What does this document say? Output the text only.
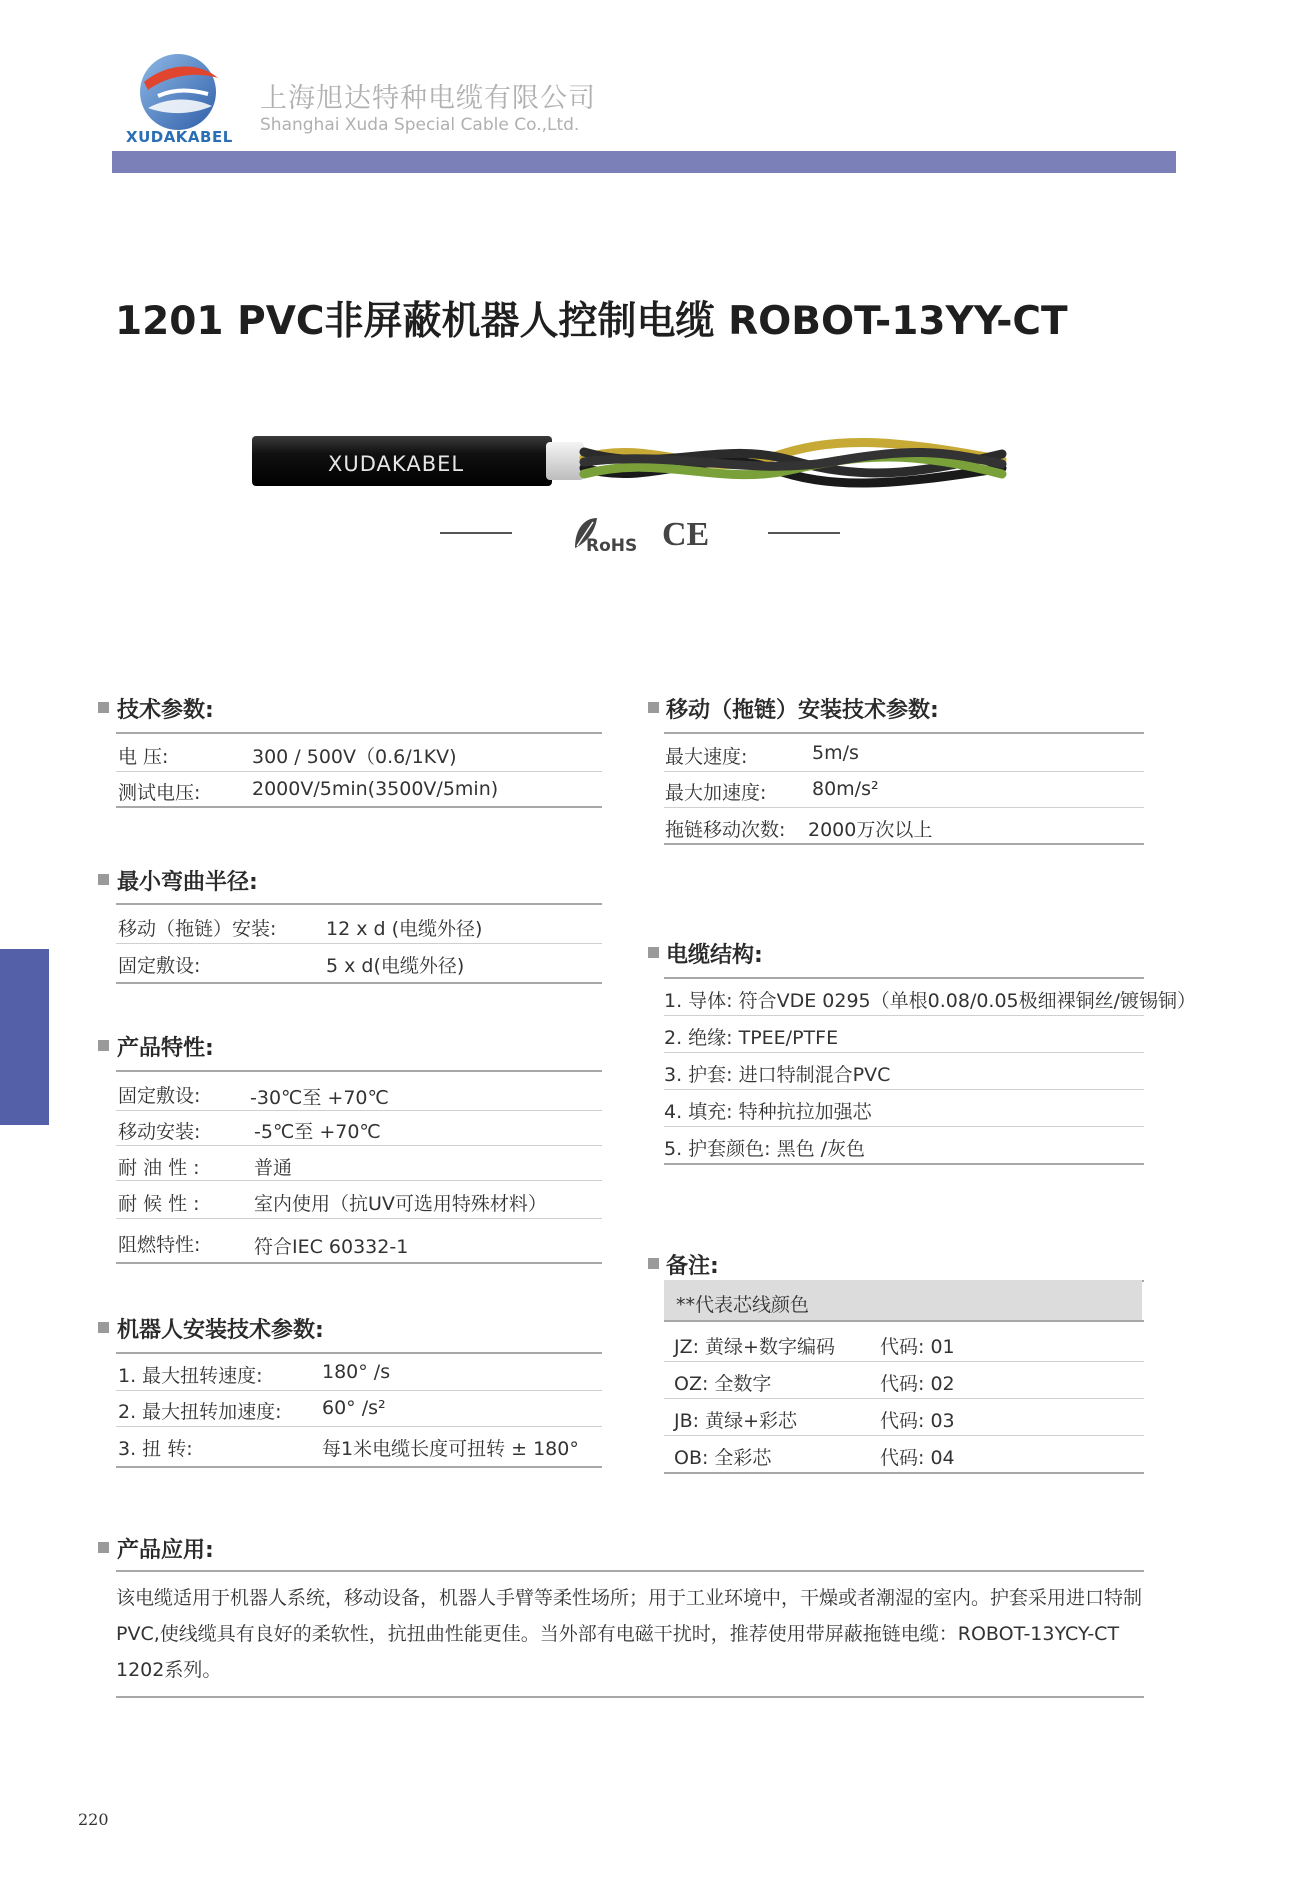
XUDAKABEL
上海旭达特种电缆有限公司
Shanghai Xuda Special Cable Co.,Ltd.
1201 PVC非屏蔽机器人控制电缆 ROBOT-13YY-CT
XUDAKABEL
RoHS CE
技术参数:
电 压:	300 / 500V（0.6/1KV)
测试电压:	2000V/5min(3500V/5min)
最小弯曲半径:
移动（拖链）安装:	12 x d (电缆外径)
固定敷设:	5 x d(电缆外径)
产品特性:
固定敷设:	-30℃至 +70℃
移动安装:	-5℃至 +70℃
耐 油 性 :	普通
耐 候 性 :	室内使用（抗UV可选用特殊材料）
阻燃特性:	符合IEC 60332-1
机器人安装技术参数:
1. 最大扭转速度:	180° /s
2. 最大扭转加速度: 60° /s²
3. 扭 转:	每1米电缆长度可扭转 ± 180°
移动（拖链）安装技术参数:
最大速度:	5m/s
最大加速度: 80m/s²
拖链移动次数: 2000万次以上
电缆结构:
1. 导体: 符合VDE 0295（单根0.08/0.05极细裸铜丝/镀锡铜）
2. 绝缘: TPEE/PTFE
3. 护套: 进口特制混合PVC
4. 填充: 特种抗拉加强芯
5. 护套颜色: 黑色 /灰色
备注:
**代表芯线颜色
JZ: 黄绿+数字编码 代码: 01
OZ: 全数字	代码: 02
JB: 黄绿+彩芯	代码: 03
OB: 全彩芯	代码: 04
产品应用:
该电缆适用于机器人系统，移动设备，机器人手臂等柔性场所；用于工业环境中，干燥或者潮湿的室内。护套采用进口特制PVC,使线缆具有良好的柔软性，抗扭曲性能更佳。当外部有电磁干扰时，推荐使用带屏蔽拖链电缆：ROBOT-13YCY-CT 1202系列。
220
